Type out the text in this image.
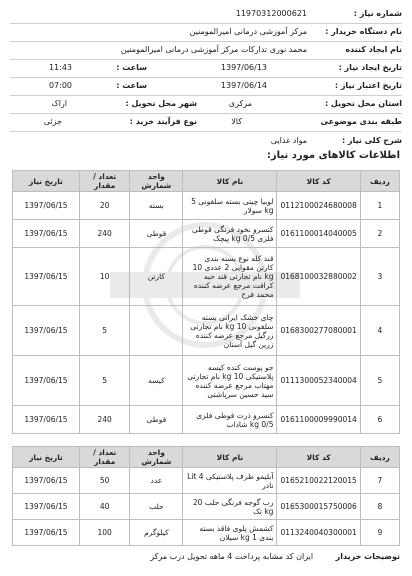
شماره نیاز :
11970312000621
نام دستگاه خریدار :
مرکز آموزشی درمانی امیرالمومنین
نام ایجاد کننده
محمد نوری تدارکات مرکز آموزشی درمانی امیرالمومنین
تاریخ ایجاد نیاز :
1397/06/13
ساعت :
11:43
تاریخ اعتبار نیاز :
1397/06/14
ساعت :
07:00
استان محل تحویل :
مرکزی
شهر محل تحویل :
اراک
طبقه بندی موضوعی
کالا
نوع فرآیند خرید :
جزئی
شرح کلی نیاز :
مواد غذایی
اطلاعات کالاهای مورد نیاز:
ردیف	کد کالا	نام کالا	واحد شمارش	تعداد / مقدار	تاریخ نیاز
1	0112100024680008	لوبیا چیتی بسته سلفونی 5 kg سولار	بسته	20	1397/06/15
2	0161100014040005	کنسرو نخود فرنگی قوطی فلزی 0/5 kg پیچک	قوطی	240	1397/06/15
3	0168100032880002	قند کله نوع بسته بندی کارتن مقوایی 2 عددی 10 kg نام تجارتی قند حبه کرافت مرجع عرضه کننده محمد فرح	کارتن	10	1397/06/15
4	0168300277080001	چای خشک ایرانی بسته سلفونی 10 kg نام تجارتی زرگیل مرجع عرضه کننده زرین گیل آستان		5	1397/06/15
5	0111300052340004	جو پوست کنده کیسه پلاستیکی 10 kg نام تجارتی مهتاب مرجع عرضه کننده سید حسین سرپاشتی	کیسه	5	1397/06/15
6	0161100009990014	کنسرو ذرت قوطی فلزی 0/5 kg شاداب	قوطی	240	1397/06/15
ردیف	کد کالا	نام کالا	واحد شمارش	تعداد / مقدار	تاریخ نیاز
7	0165210022120015	آبلیمو ظرف پلاستیکی 4 Lit نادر	عدد	50	1397/06/15
8	0165300015750006	رب گوجه فرنگی حلب 20 kg تک	حلب	40	1397/06/15
9	0113240040300001	کشمش پلوی فاقد بسته بندی 1 kg سیلان	کیلوگرم	100	1397/06/15
توضیحات خریدار ایران کد مشابه پرداخت 4 ماهه تحویل درب مرکز
